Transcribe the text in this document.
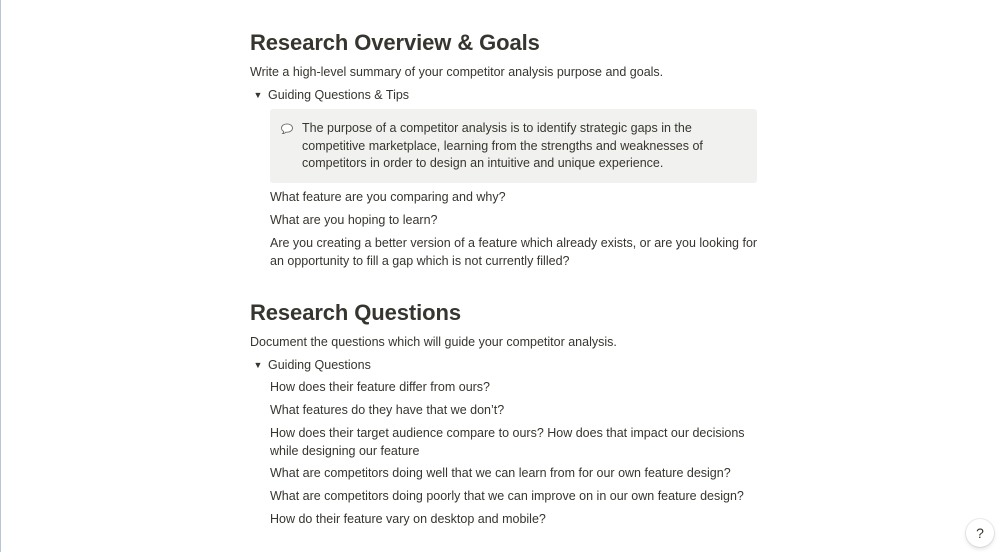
Research Overview & Goals
Write a high-level summary of your competitor analysis purpose and goals.
▼ Guiding Questions & Tips
The purpose of a competitor analysis is to identify strategic gaps in the competitive marketplace, learning from the strengths and weaknesses of competitors in order to design an intuitive and unique experience.
What feature are you comparing and why?
What are you hoping to learn?
Are you creating a better version of a feature which already exists, or are you looking for an opportunity to fill a gap which is not currently filled?
Research Questions
Document the questions which will guide your competitor analysis.
▼ Guiding Questions
How does their feature differ from ours?
What features do they have that we don’t?
How does their target audience compare to ours? How does that impact our decisions while designing our feature
What are competitors doing well that we can learn from for our own feature design?
What are competitors doing poorly that we can improve on in our own feature design?
How do their feature vary on desktop and mobile?
?
